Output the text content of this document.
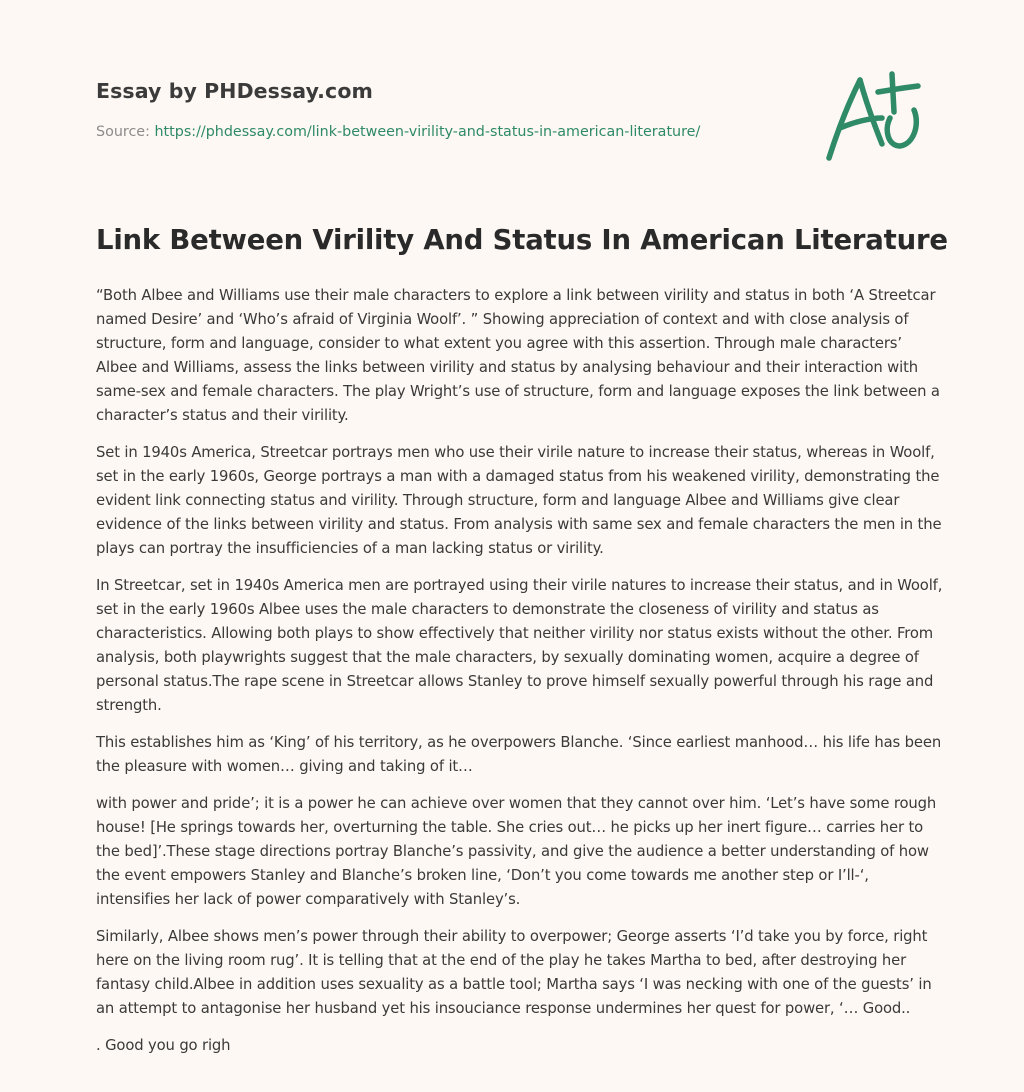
Essay by PHDessay.com
Source: https://phdessay.com/link-between-virility-and-status-in-american-literature/
Link Between Virility And Status In American Literature

“Both Albee and Williams use their male characters to explore a link between virility and status in both ‘A Streetcar named Desire’ and ‘Who’s afraid of Virginia Woolf’. ” Showing appreciation of context and with close analysis of structure, form and language, consider to what extent you agree with this assertion. Through male characters’ Albee and Williams, assess the links between virility and status by analysing behaviour and their interaction with same-sex and female characters. The play Wright’s use of structure, form and language exposes the link between a character’s status and their virility.

Set in 1940s America, Streetcar portrays men who use their virile nature to increase their status, whereas in Woolf, set in the early 1960s, George portrays a man with a damaged status from his weakened virility, demonstrating the evident link connecting status and virility. Through structure, form and language Albee and Williams give clear evidence of the links between virility and status. From analysis with same sex and female characters the men in the plays can portray the insufficiencies of a man lacking status or virility.

In Streetcar, set in 1940s America men are portrayed using their virile natures to increase their status, and in Woolf, set in the early 1960s Albee uses the male characters to demonstrate the closeness of virility and status as characteristics. Allowing both plays to show effectively that neither virility nor status exists without the other. From analysis, both playwrights suggest that the male characters, by sexually dominating women, acquire a degree of personal status.The rape scene in Streetcar allows Stanley to prove himself sexually powerful through his rage and strength.

This establishes him as ‘King’ of his territory, as he overpowers Blanche. ‘Since earliest manhood… his life has been the pleasure with women… giving and taking of it…

with power and pride’; it is a power he can achieve over women that they cannot over him. ‘Let’s have some rough house! [He springs towards her, overturning the table. She cries out… he picks up her inert figure… carries her to the bed]’.These stage directions portray Blanche’s passivity, and give the audience a better understanding of how the event empowers Stanley and Blanche’s broken line, ‘Don’t you come towards me another step or I’ll-‘, intensifies her lack of power comparatively with Stanley’s.

Similarly, Albee shows men’s power through their ability to overpower; George asserts ‘I’d take you by force, right here on the living room rug’. It is telling that at the end of the play he takes Martha to bed, after destroying her fantasy child.Albee in addition uses sexuality as a battle tool; Martha says ‘I was necking with one of the guests’ in an attempt to antagonise her husband yet his insouciance response undermines her quest for power, ‘… Good..

. Good you go righ
